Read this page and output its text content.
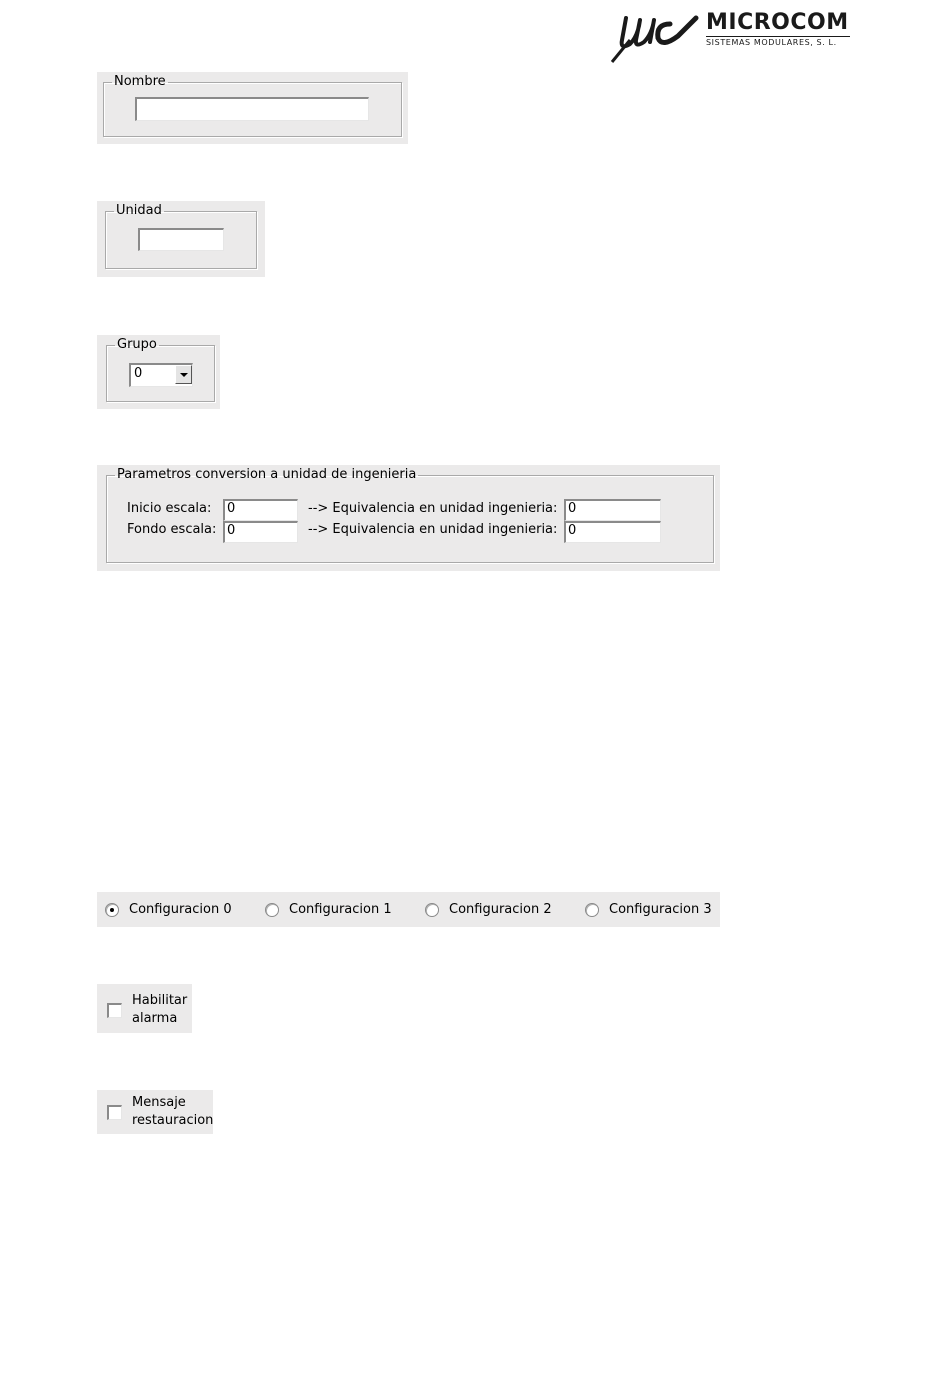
MICROCOM
SISTEMAS MODULARES, S. L.
Nombre
Unidad
Grupo
0
Parametros conversion a unidad de ingenieria
Inicio escala:	0	--> Equivalencia en unidad ingenieria: 0
Fondo escala: 0	--> Equivalencia en unidad ingenieria: 0
Configuracion 0	Configuracion 1	Configuracion 2	Configuracion 3
Habilitar
alarma
Mensaje
restauracion
